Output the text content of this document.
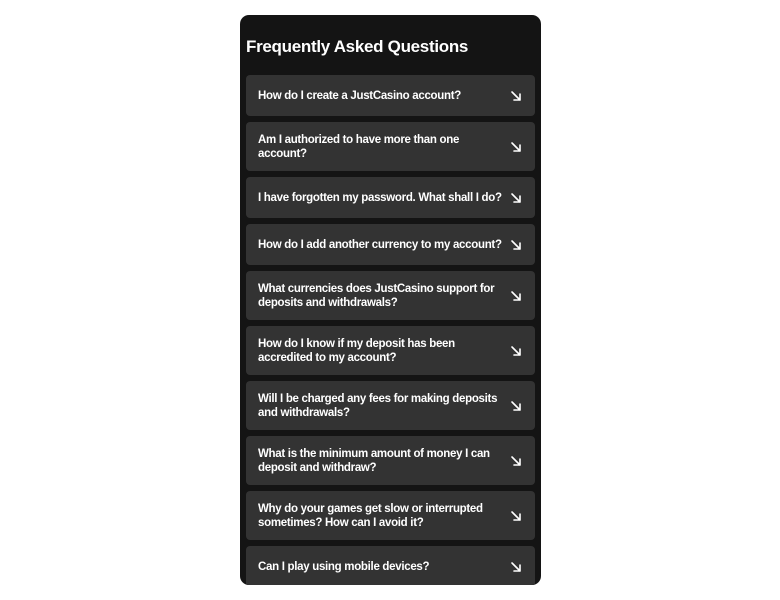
Frequently Asked Questions
How do I create a JustCasino account?
Am I authorized to have more than one account?
I have forgotten my password. What shall I do?
How do I add another currency to my account?
What currencies does JustCasino support for deposits and withdrawals?
How do I know if my deposit has been accredited to my account?
Will I be charged any fees for making deposits and withdrawals?
What is the minimum amount of money I can deposit and withdraw?
Why do your games get slow or interrupted sometimes? How can I avoid it?
Can I play using mobile devices?
